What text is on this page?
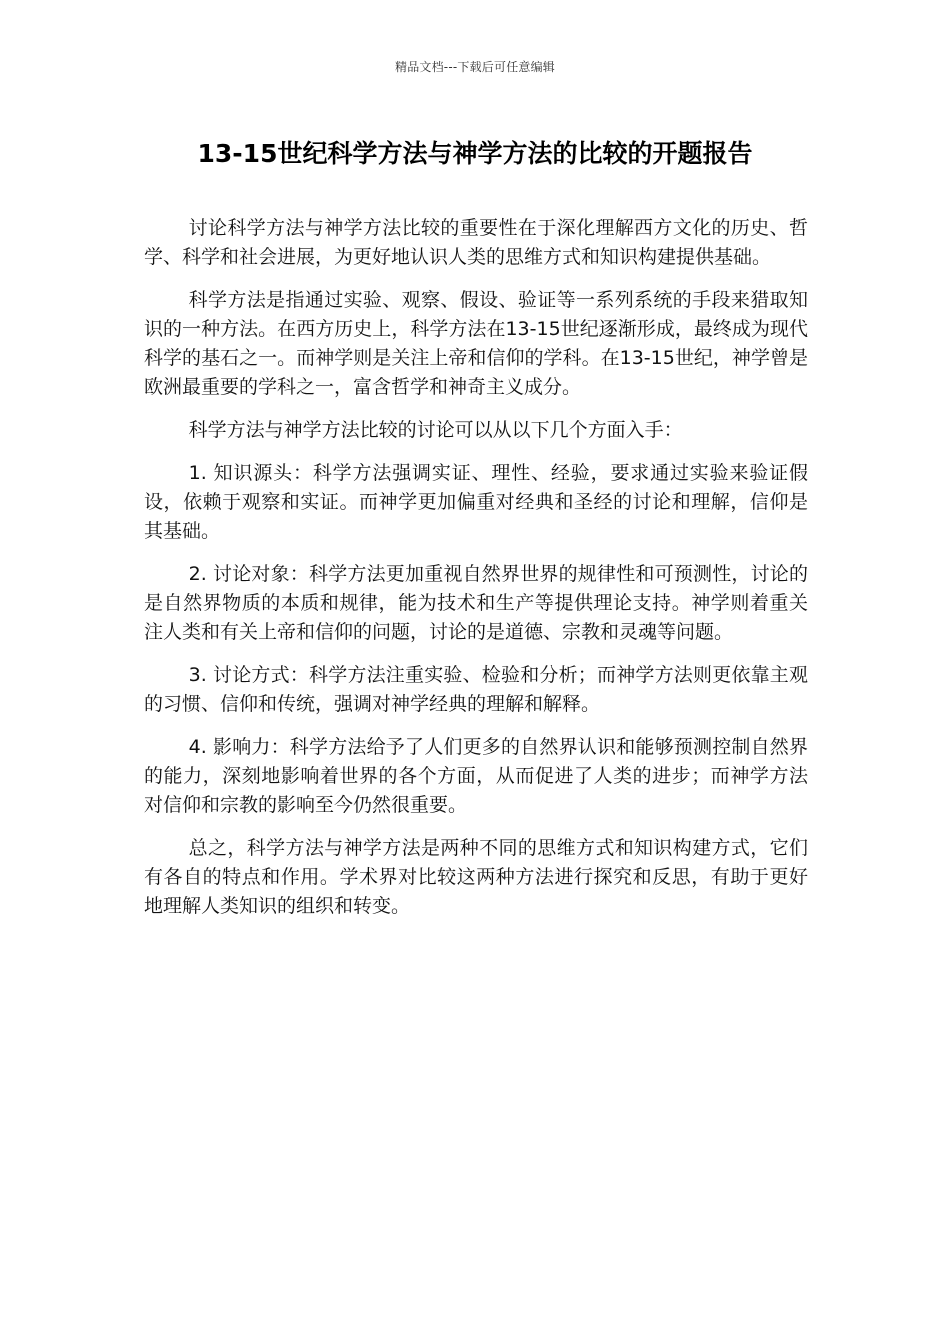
精品文档---下载后可任意编辑
13-15世纪科学方法与神学方法的比较的开题报告

讨论科学方法与神学方法比较的重要性在于深化理解西方文化的历史、哲学、科学和社会进展，为更好地认识人类的思维方式和知识构建提供基础。

科学方法是指通过实验、观察、假设、验证等一系列系统的手段来猎取知识的一种方法。在西方历史上，科学方法在13-15世纪逐渐形成，最终成为现代科学的基石之一。而神学则是关注上帝和信仰的学科。在13-15世纪，神学曾是欧洲最重要的学科之一，富含哲学和神奇主义成分。

科学方法与神学方法比较的讨论可以从以下几个方面入手：

1. 知识源头：科学方法强调实证、理性、经验，要求通过实验来验证假设，依赖于观察和实证。而神学更加偏重对经典和圣经的讨论和理解，信仰是其基础。

2. 讨论对象：科学方法更加重视自然界世界的规律性和可预测性，讨论的是自然界物质的本质和规律，能为技术和生产等提供理论支持。神学则着重关注人类和有关上帝和信仰的问题，讨论的是道德、宗教和灵魂等问题。

3. 讨论方式：科学方法注重实验、检验和分析；而神学方法则更依靠主观的习惯、信仰和传统，强调对神学经典的理解和解释。

4. 影响力：科学方法给予了人们更多的自然界认识和能够预测控制自然界的能力，深刻地影响着世界的各个方面，从而促进了人类的进步；而神学方法对信仰和宗教的影响至今仍然很重要。

总之，科学方法与神学方法是两种不同的思维方式和知识构建方式，它们有各自的特点和作用。学术界对比较这两种方法进行探究和反思，有助于更好地理解人类知识的组织和转变。
